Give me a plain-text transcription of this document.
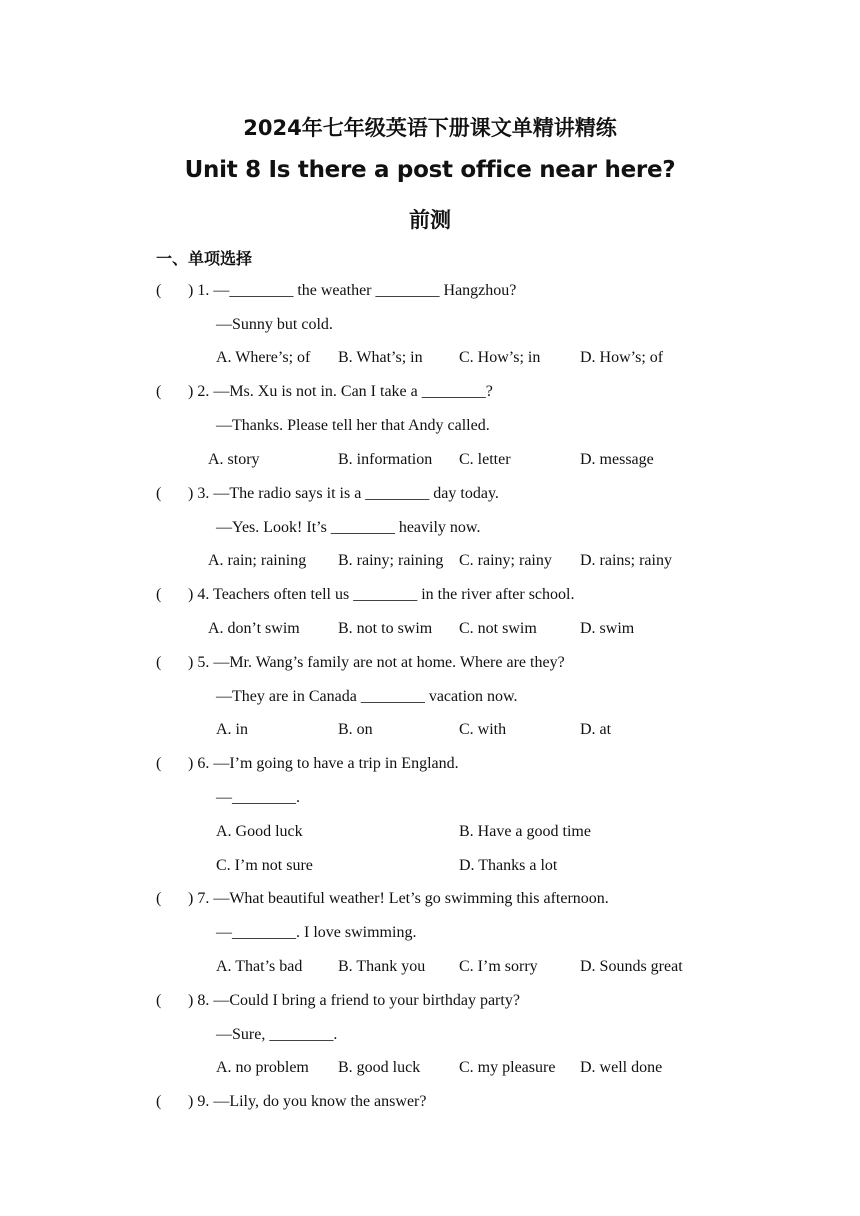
2024年七年级英语下册课文单精讲精练
Unit 8 Is there a post office near here?
前测
一、单项选择
( ) 1. —________ the weather ________ Hangzhou?
—Sunny but cold.
A. Where’s; of B. What’s; in C. How’s; in D. How’s; of
( ) 2. —Ms. Xu is not in. Can I take a ________?
—Thanks. Please tell her that Andy called.
A. story	B. information C. letter	D. message
( ) 3. —The radio says it is a ________ day today.
—Yes. Look! It’s ________ heavily now.
A. rain; raining B. rainy; raining C. rainy; rainy D. rains; rainy
( ) 4. Teachers often tell us ________ in the river after school.
A. don’t swim B. not to swim C. not swim	D. swim
( ) 5. —Mr. Wang’s family are not at home. Where are they?
—They are in Canada ________ vacation now.
A. in	B. on	C. with	D. at
( ) 6. —I’m going to have a trip in England.
—________.
A. Good luck	B. Have a good time
C. I’m not sure	D. Thanks a lot
( ) 7. —What beautiful weather! Let’s go swimming this afternoon.
—________. I love swimming.
A. That’s bad B. Thank you C. I’m sorry	D. Sounds great
( ) 8. —Could I bring a friend to your birthday party?
—Sure, ________.
A. no problem B. good luck C. my pleasure D. well done
( ) 9. —Lily, do you know the answer?
